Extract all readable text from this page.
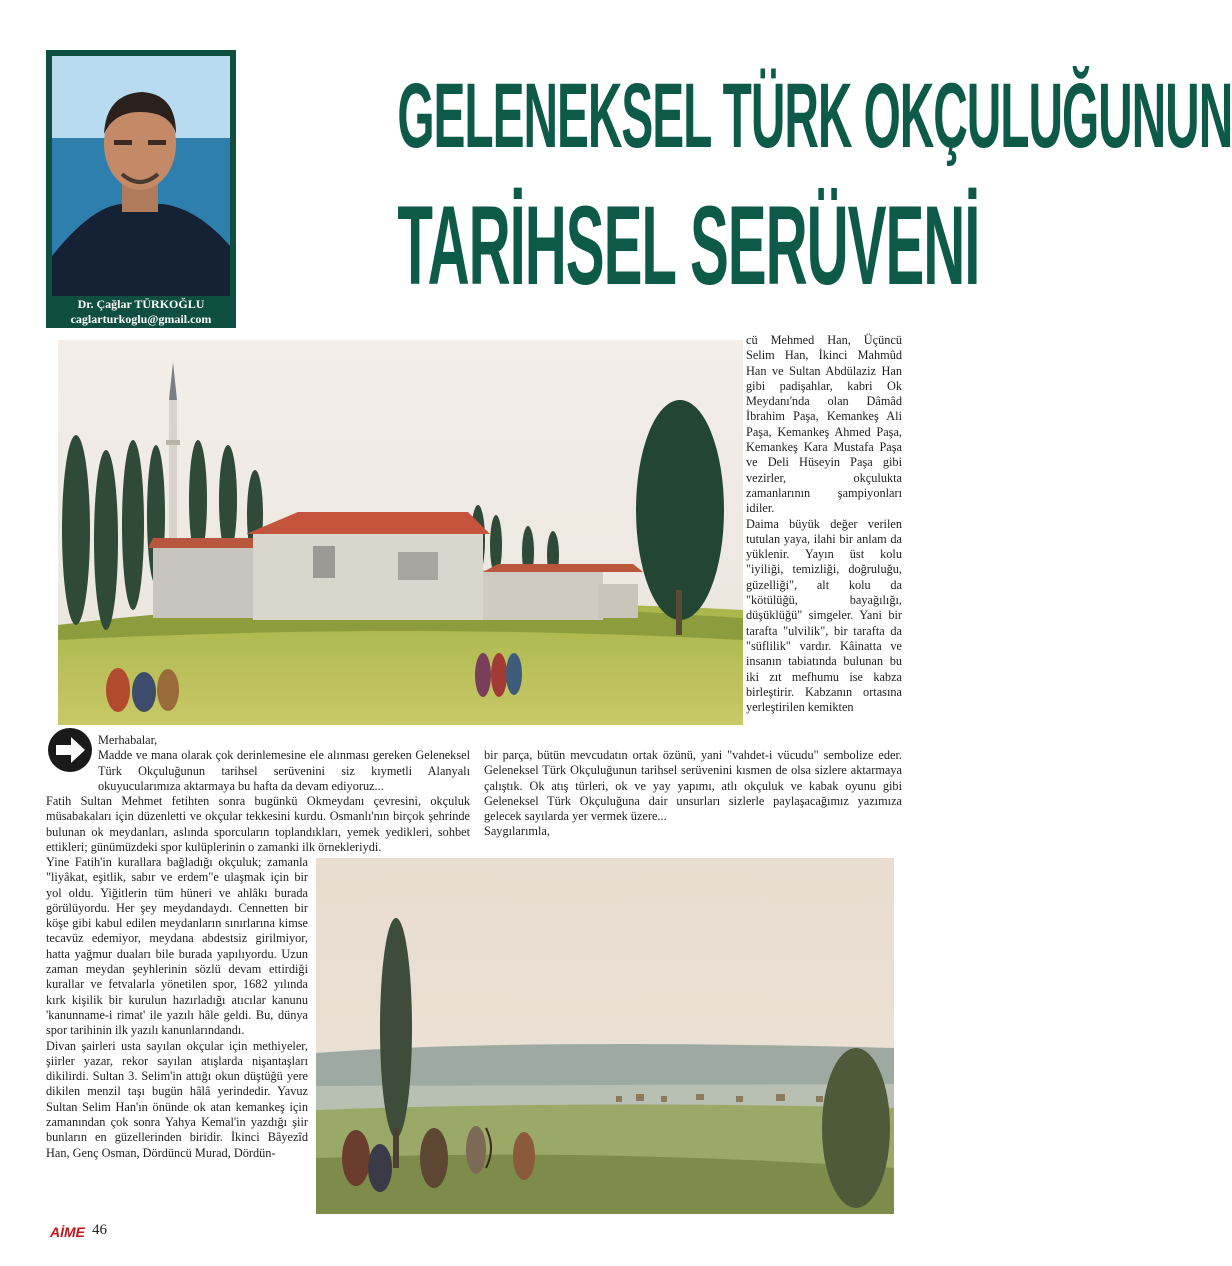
Dr. Çağlar TÜRKOĞLU
caglarturkoglu@gmail.com
GELENEKSEL TÜRK OKÇULUĞUNUN
TARİHSEL SERÜVENİ

cü Mehmed Han, Üçüncü Selim Han, İkinci Mahmûd Han ve Sultan Abdülaziz Han gibi padişahlar, kabri Ok Meydanı'nda olan Dâmâd İbrahim Paşa, Kemankeş Ali Paşa, Kemankeş Ahmed Paşa, Kemankeş Kara Mustafa Paşa ve Deli Hüseyin Paşa gibi vezirler, okçulukta zamanlarının şampiyonları idiler.

Daima büyük değer verilen tutulan yaya, ilahi bir anlam da yüklenir. Yayın üst kolu "iyiliği, temizliği, doğruluğu, güzelliği", alt kolu da "kötülüğü, bayağılığı, düşüklüğü" simgeler. Yani bir tarafta "ulvilik", bir tarafta da "süflilik" vardır. Kâinatta ve insanın tabiatında bulunan bu iki zıt mefhumu ise kabza birleştirir. Kabzanın ortasına yerleştirilen kemikten

Merhabalar,

Madde ve mana olarak çok derinlemesine ele alınması gereken Geleneksel Türk Okçuluğunun tarihsel serüvenini siz kıymetli Alanyalı okuyucularımıza aktarmaya bu hafta da devam ediyoruz...

Fatih Sultan Mehmet fetihten sonra bugünkü Okmeydanı çevresini, okçuluk müsabakaları için düzenletti ve okçular tekkesini kurdu. Osmanlı'nın birçok şehrinde bulunan ok meydanları, aslında sporcuların toplandıkları, yemek yedikleri, sohbet ettikleri; günümüzdeki spor kulüplerinin o zamanki ilk örnekleriydi.

Yine Fatih'in kurallara bağladığı okçuluk; zamanla "liyâkat, eşitlik, sabır ve erdem"e ulaşmak için bir yol oldu. Yiğitlerin tüm hüneri ve ahlâkı burada görülüyordu. Her şey meydandaydı. Cennetten bir köşe gibi kabul edilen meydanların sınırlarına kimse tecavüz edemiyor, meydana abdestsiz girilmiyor, hatta yağmur duaları bile burada yapılıyordu. Uzun zaman meydan şeyhlerinin sözlü devam ettirdiği kurallar ve fetvalarla yönetilen spor, 1682 yılında kırk kişilik bir kurulun hazırladığı atıcılar kanunu 'kanunname-i rimat' ile yazılı hâle geldi. Bu, dünya spor tarihinin ilk yazılı kanunlarındandı.

Divan şairleri usta sayılan okçular için methiyeler, şiirler yazar, rekor sayılan atışlarda nişantaşları dikilirdi. Sultan 3. Selim'in attığı okun düştüğü yere dikilen menzil taşı bugün hâlâ yerindedir. Yavuz Sultan Selim Han'ın önünde ok atan kemankeş için zamanından çok sonra Yahya Kemal'in yazdığı şiir bunların en güzellerinden biridir. İkinci Bâyezîd Han, Genç Osman, Dördüncü Murad, Dördün-

bir parça, bütün mevcudatın ortak özünü, yani "vahdet-i vücudu" sembolize eder. Geleneksel Türk Okçuluğunun tarihsel serüvenini kısmen de olsa sizlere aktarmaya çalıştık. Ok atış türleri, ok ve yay yapımı, atlı okçuluk ve kabak oyunu gibi Geleneksel Türk Okçuluğuna dair unsurları sizlerle paylaşacağımız yazımıza gelecek sayılarda yer vermek üzere...

Saygılarımla,

AİME 46
